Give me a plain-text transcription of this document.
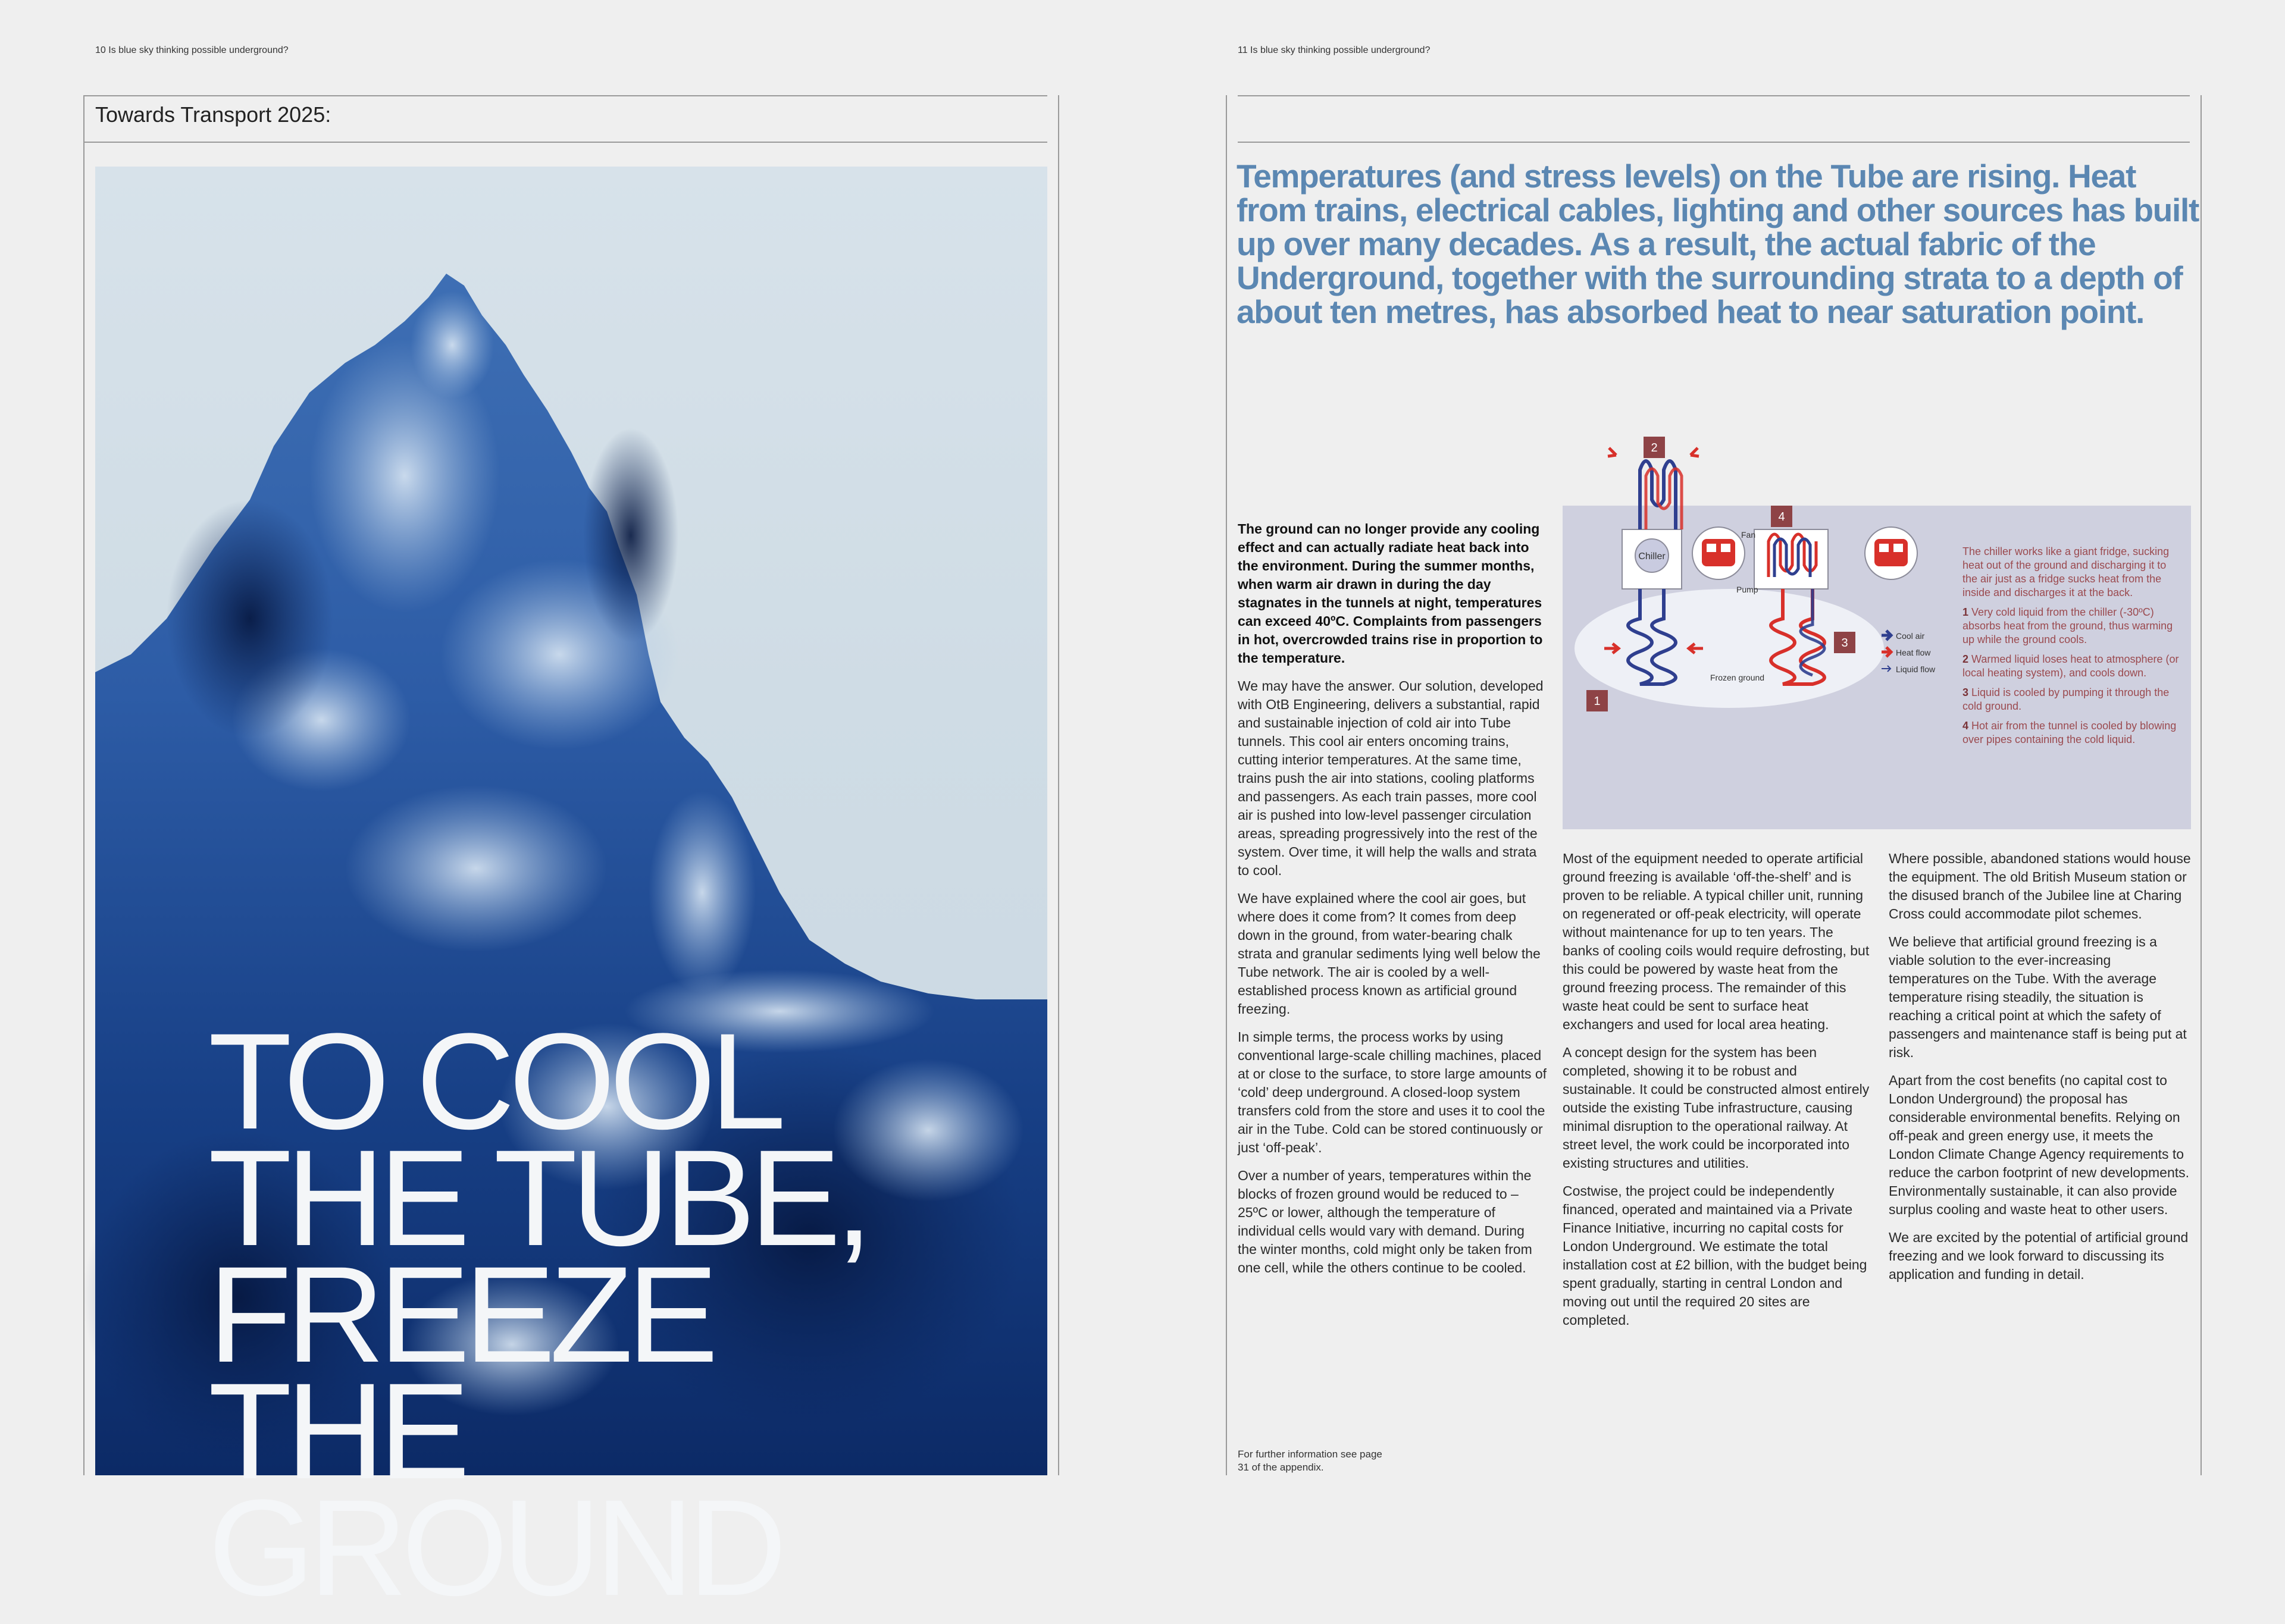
10 Is blue sky thinking possible underground?
Towards Transport 2025:
TO COOL
THE TUBE,
FREEZE
THE
GROUND
11 Is blue sky thinking possible underground?
Temperatures (and stress levels) on the Tube are rising. Heat from trains, electrical cables, lighting and other sources has built up over many decades. As a result, the actual fabric of the Underground, together with the surrounding strata to a depth of about ten metres, has absorbed heat to near saturation point.

The ground can no longer provide any cooling effect and can actually radiate heat back into the environment. During the summer months, when warm air drawn in during the day stagnates in the tunnels at night, temperatures can exceed 40ºC. Complaints from passengers in hot, overcrowded trains rise in proportion to the temperature.

We may have the answer. Our solution, developed with OtB Engineering, delivers a substantial, rapid and sustainable injection of cold air into Tube tunnels. This cool air enters oncoming trains, cutting interior temperatures. At the same time, trains push the air into stations, cooling platforms and passengers. As each train passes, more cool air is pushed into low-level passenger circulation areas, spreading progressively into the rest of the system. Over time, it will help the walls and strata to cool.

We have explained where the cool air goes, but where does it come from? It comes from deep down in the ground, from water-bearing chalk strata and granular sediments lying well below the Tube network. The air is cooled by a well-established process known as artificial ground freezing.

In simple terms, the process works by using conventional large-scale chilling machines, placed at or close to the surface, to store large amounts of ‘cold’ deep underground. A closed-loop system transfers cold from the store and uses it to cool the air in the Tube. Cold can be stored continuously or just ‘off-peak’.

Over a number of years, temperatures within the blocks of frozen ground would be reduced to –25ºC or lower, although the temperature of individual cells would vary with demand. During the winter months, cold might only be taken from one cell, while the others continue to be cooled.

Chiller
2
1
Fan
Pump
4
3
Frozen ground
Cool air
Heat flow
Liquid flow

The chiller works like a giant fridge, sucking heat out of the ground and discharging it to the air just as a fridge sucks heat from the inside and discharges it at the back.

1 Very cold liquid from the chiller (-30ºC) absorbs heat from the ground, thus warming up while the ground cools.

2 Warmed liquid loses heat to atmosphere (or local heating system), and cools down.

3 Liquid is cooled by pumping it through the cold ground.

4 Hot air from the tunnel is cooled by blowing over pipes containing the cold liquid.

Most of the equipment needed to operate artificial ground freezing is available ‘off-the-shelf’ and is proven to be reliable. A typical chiller unit, running on regenerated or off-peak electricity, will operate without maintenance for up to ten years. The banks of cooling coils would require defrosting, but this could be powered by waste heat from the ground freezing process. The remainder of this waste heat could be sent to surface heat exchangers and used for local area heating.

A concept design for the system has been completed, showing it to be robust and sustainable. It could be constructed almost entirely outside the existing Tube infrastructure, causing minimal disruption to the operational railway. At street level, the work could be incorporated into existing structures and utilities.

Costwise, the project could be independently financed, operated and maintained via a Private Finance Initiative, incurring no capital costs for London Underground. We estimate the total installation cost at £2 billion, with the budget being spent gradually, starting in central London and moving out until the required 20 sites are completed.

Where possible, abandoned stations would house the equipment. The old British Museum station or the disused branch of the Jubilee line at Charing Cross could accommodate pilot schemes.

We believe that artificial ground freezing is a viable solution to the ever-increasing temperatures on the Tube. With the average temperature rising steadily, the situation is reaching a critical point at which the safety of passengers and maintenance staff is being put at risk.

Apart from the cost benefits (no capital cost to London Underground) the proposal has considerable environmental benefits. Relying on off-peak and green energy use, it meets the London Climate Change Agency requirements to reduce the carbon footprint of new developments. Environmentally sustainable, it can also provide surplus cooling and waste heat to other users.

We are excited by the potential of artificial ground freezing and we look forward to discussing its application and funding in detail.

For further information see page 31 of the appendix.
